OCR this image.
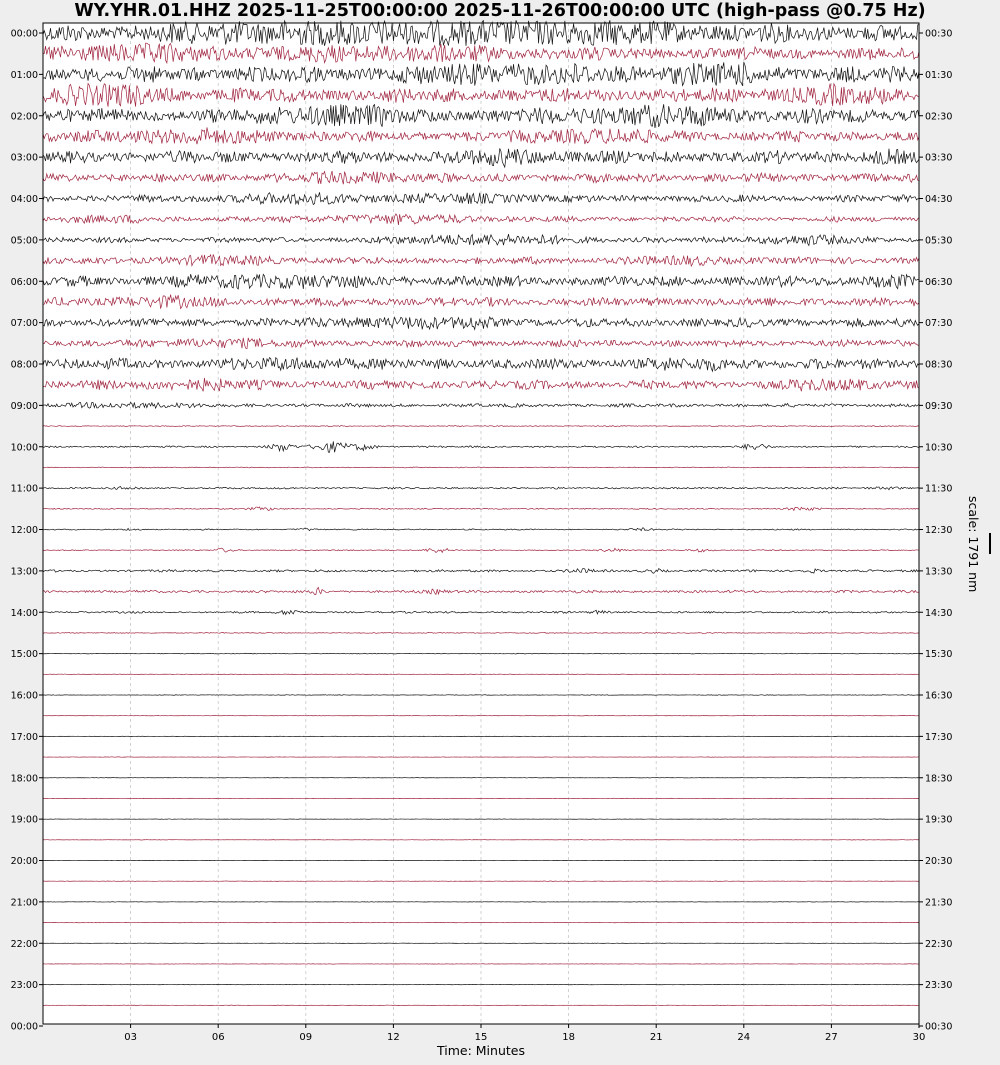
03	06	09	12	15	18	21	24	27	30
00:00
01:00
02:00
03:00
04:00
05:00
06:00
07:00
08:00
09:00
10:00
11:00
12:00
13:00
14:00
15:00
16:00
17:00
18:00
19:00
20:00
21:00
22:00
23:00
00:00
00:30
01:30
02:30
03:30
04:30
05:30
06:30
07:30
08:30
09:30
10:30
11:30
12:30
13:30
14:30
15:30
16:30
17:30
18:30
19:30
20:30
21:30
22:30
23:30
00:30
WY.YHR.01.HHZ 2025-11-25T00:00:00 2025-11-26T00:00:00 UTC (high-pass @0.75 Hz)
Time: Minutes
scale: 1791 nm
